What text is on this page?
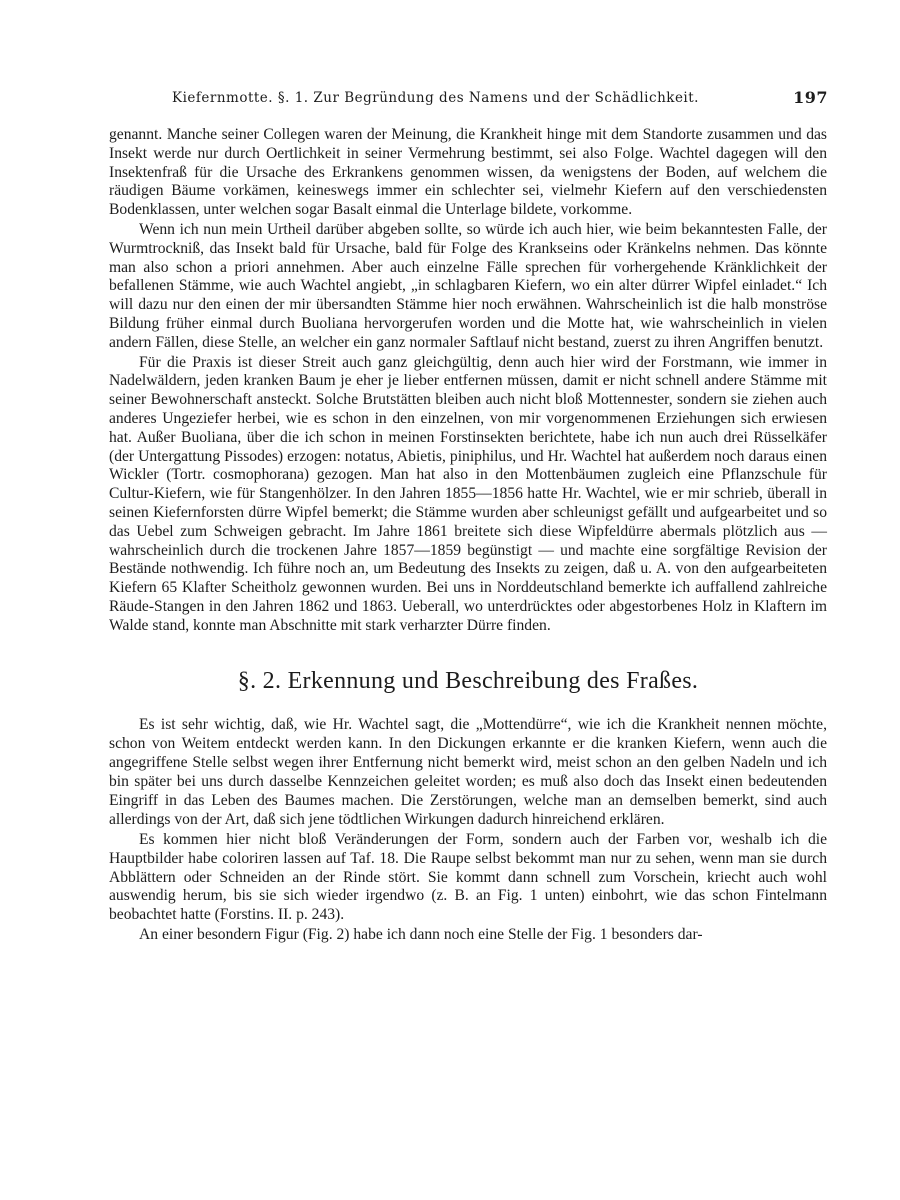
Kiefernmotte. §. 1. Zur Begründung des Namens und der Schädlichkeit.	197

genannt. Manche seiner Collegen waren der Meinung, die Krankheit hinge mit dem Standorte zusammen und das Insekt werde nur durch Oertlichkeit in seiner Vermehrung bestimmt, sei also Folge. Wachtel dagegen will den Insektenfraß für die Ursache des Erkrankens genommen wissen, da wenigstens der Boden, auf welchem die räudigen Bäume vorkämen, keineswegs immer ein schlechter sei, vielmehr Kiefern auf den verschiedensten Bodenklassen, unter welchen sogar Basalt einmal die Unterlage bildete, vorkomme.

Wenn ich nun mein Urtheil darüber abgeben sollte, so würde ich auch hier, wie beim bekanntesten Falle, der Wurmtrockniß, das Insekt bald für Ursache, bald für Folge des Krankseins oder Kränkelns nehmen. Das könnte man also schon a priori annehmen. Aber auch einzelne Fälle sprechen für vorhergehende Kränklichkeit der befallenen Stämme, wie auch Wachtel angiebt, „in schlagbaren Kiefern, wo ein alter dürrer Wipfel einladet.“ Ich will dazu nur den einen der mir übersandten Stämme hier noch erwähnen. Wahrscheinlich ist die halb monströse Bildung früher einmal durch Buoliana hervorgerufen worden und die Motte hat, wie wahrscheinlich in vielen andern Fällen, diese Stelle, an welcher ein ganz normaler Saftlauf nicht bestand, zuerst zu ihren Angriffen benutzt.

Für die Praxis ist dieser Streit auch ganz gleichgültig, denn auch hier wird der Forstmann, wie immer in Nadelwäldern, jeden kranken Baum je eher je lieber entfernen müssen, damit er nicht schnell andere Stämme mit seiner Bewohnerschaft ansteckt. Solche Brutstätten bleiben auch nicht bloß Mottennester, sondern sie ziehen auch anderes Ungeziefer herbei, wie es schon in den einzelnen, von mir vorgenommenen Erziehungen sich erwiesen hat. Außer Buoliana, über die ich schon in meinen Forstinsekten berichtete, habe ich nun auch drei Rüsselkäfer (der Untergattung Pissodes) erzogen: notatus, Abietis, piniphilus, und Hr. Wachtel hat außerdem noch daraus einen Wickler (Tortr. cosmophorana) gezogen. Man hat also in den Mottenbäumen zugleich eine Pflanzschule für Cultur-Kiefern, wie für Stangenhölzer. In den Jahren 1855—1856 hatte Hr. Wachtel, wie er mir schrieb, überall in seinen Kiefernforsten dürre Wipfel bemerkt; die Stämme wurden aber schleunigst gefällt und aufgearbeitet und so das Uebel zum Schweigen gebracht. Im Jahre 1861 breitete sich diese Wipfeldürre abermals plötzlich aus — wahrscheinlich durch die trockenen Jahre 1857—1859 begünstigt — und machte eine sorgfältige Revision der Bestände nothwendig. Ich führe noch an, um Bedeutung des Insekts zu zeigen, daß u. A. von den aufgearbeiteten Kiefern 65 Klafter Scheitholz gewonnen wurden. Bei uns in Norddeutschland bemerkte ich auffallend zahlreiche Räude-Stangen in den Jahren 1862 und 1863. Ueberall, wo unterdrücktes oder abgestorbenes Holz in Klaftern im Walde stand, konnte man Abschnitte mit stark verharzter Dürre finden.

§. 2. Erkennung und Beschreibung des Fraßes.

Es ist sehr wichtig, daß, wie Hr. Wachtel sagt, die „Mottendürre“, wie ich die Krankheit nennen möchte, schon von Weitem entdeckt werden kann. In den Dickungen erkannte er die kranken Kiefern, wenn auch die angegriffene Stelle selbst wegen ihrer Entfernung nicht bemerkt wird, meist schon an den gelben Nadeln und ich bin später bei uns durch dasselbe Kennzeichen geleitet worden; es muß also doch das Insekt einen bedeutenden Eingriff in das Leben des Baumes machen. Die Zerstörungen, welche man an demselben bemerkt, sind auch allerdings von der Art, daß sich jene tödtlichen Wirkungen dadurch hinreichend erklären.

Es kommen hier nicht bloß Veränderungen der Form, sondern auch der Farben vor, weshalb ich die Hauptbilder habe coloriren lassen auf Taf. 18. Die Raupe selbst bekommt man nur zu sehen, wenn man sie durch Abblättern oder Schneiden an der Rinde stört. Sie kommt dann schnell zum Vorschein, kriecht auch wohl auswendig herum, bis sie sich wieder irgendwo (z. B. an Fig. 1 unten) einbohrt, wie das schon Fintelmann beobachtet hatte (Forstins. II. p. 243).

An einer besondern Figur (Fig. 2) habe ich dann noch eine Stelle der Fig. 1 besonders dar-
